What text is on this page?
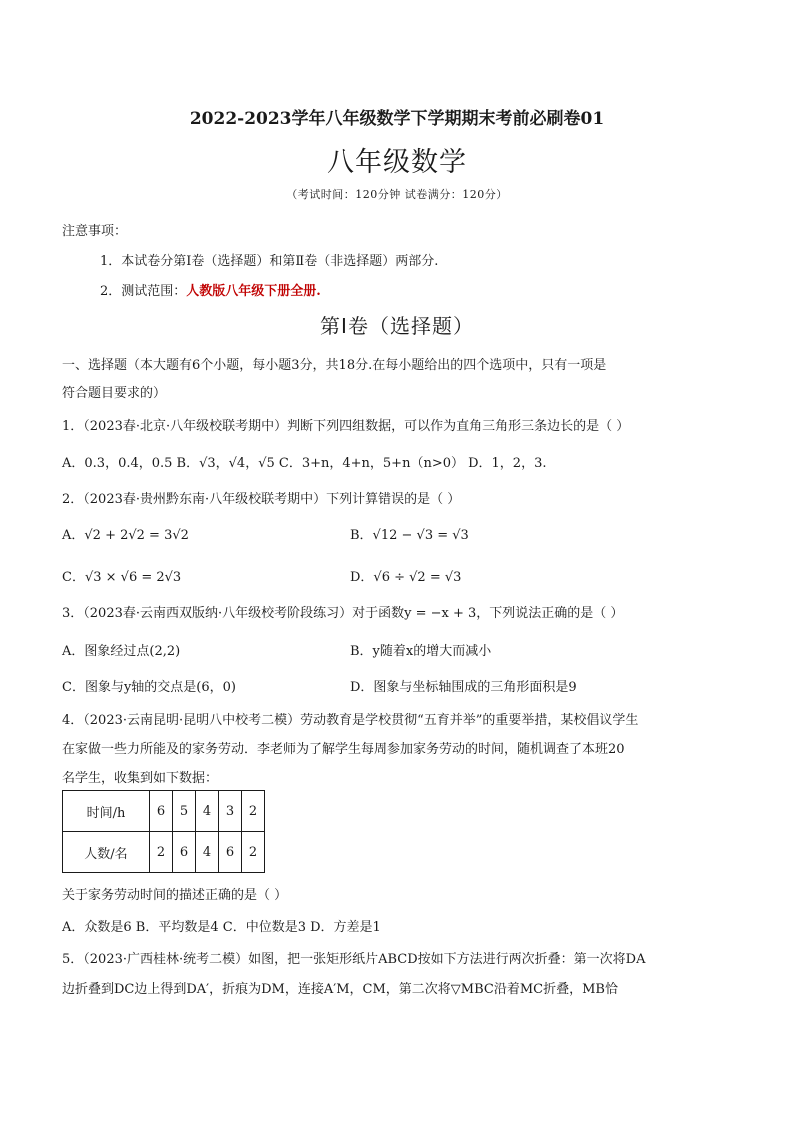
2022-2023学年八年级数学下学期期末考前必刷卷01
八年级数学
（考试时间：120分钟 试卷满分：120分）
注意事项：
1．本试卷分第Ⅰ卷（选择题）和第Ⅱ卷（非选择题）两部分.
2．测试范围：人教版八年级下册全册.
第Ⅰ卷（选择题）
一、选择题（本大题有6个小题，每小题3分，共18分.在每小题给出的四个选项中，只有一项是
符合题目要求的）
1．（2023春·北京·八年级校联考期中）判断下列四组数据，可以作为直角三角形三条边长的是（ ）
A．0.3，0.4，0.5 B．√3，√4，√5 C．3+n，4+n，5+n（n>0） D．1，2，3.
2．（2023春·贵州黔东南·八年级校联考期中）下列计算错误的是（ ）
A．√2 + 2√2 = 3√2	B．√12 − √3 = √3
C．√3 × √6 = 2√3	D．√6 ÷ √2 = √3
3．（2023春·云南西双版纳·八年级校考阶段练习）对于函数y = −x + 3，下列说法正确的是（ ）
A．图象经过点(2,2)	B．y随着x的增大而减小
C．图象与y轴的交点是(6，0)	D．图象与坐标轴围成的三角形面积是9
4．（2023·云南昆明·昆明八中校考二模）劳动教育是学校贯彻“五育并举”的重要举措，某校倡议学生
在家做一些力所能及的家务劳动．李老师为了解学生每周参加家务劳动的时间，随机调查了本班20
名学生，收集到如下数据：
时间/h	6	5	4	3	2
人数/名	2	6	4	6	2
关于家务劳动时间的描述正确的是（ ）
A．众数是6 B．平均数是4 C．中位数是3 D．方差是1
5．（2023·广西桂林·统考二模）如图，把一张矩形纸片ABCD按如下方法进行两次折叠：第一次将DA
边折叠到DC边上得到DA′，折痕为DM，连接A′M，CM，第二次将▽MBC沿着MC折叠，MB恰
